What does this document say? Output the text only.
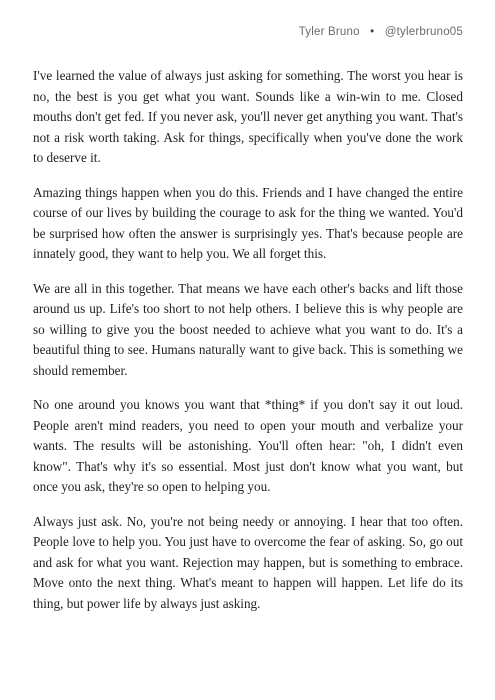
Tyler Bruno • @tylerbruno05

I've learned the value of always just asking for something. The worst you hear is no, the best is you get what you want. Sounds like a win-win to me. Closed mouths don't get fed. If you never ask, you'll never get anything you want. That's not a risk worth taking. Ask for things, specifically when you've done the work to deserve it.

Amazing things happen when you do this. Friends and I have changed the entire course of our lives by building the courage to ask for the thing we wanted. You'd be surprised how often the answer is surprisingly yes. That's because people are innately good, they want to help you. We all forget this.

We are all in this together. That means we have each other's backs and lift those around us up. Life's too short to not help others. I believe this is why people are so willing to give you the boost needed to achieve what you want to do. It's a beautiful thing to see. Humans naturally want to give back. This is something we should remember.

No one around you knows you want that *thing* if you don't say it out loud. People aren't mind readers, you need to open your mouth and verbalize your wants. The results will be astonishing. You'll often hear: "oh, I didn't even know". That's why it's so essential. Most just don't know what you want, but once you ask, they're so open to helping you.

Always just ask. No, you're not being needy or annoying. I hear that too often. People love to help you. You just have to overcome the fear of asking. So, go out and ask for what you want. Rejection may happen, but is something to embrace. Move onto the next thing. What's meant to happen will happen. Let life do its thing, but power life by always just asking.
